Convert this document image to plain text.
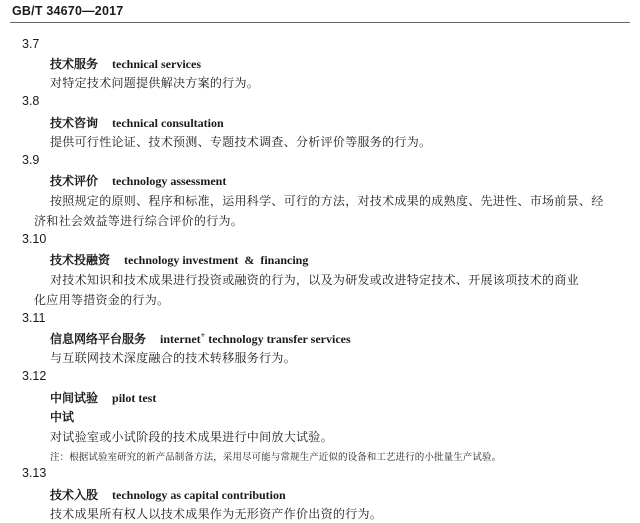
GB/T 34670—2017
3.7
技术服务 technical services
对特定技术问题提供解决方案的行为。
3.8
技术咨询 technical consultation
提供可行性论证、技术预测、专题技术调查、分析评价等服务的行为。
3.9
技术评价 technology assessment
按照规定的原则、程序和标准，运用科学、可行的方法，对技术成果的成熟度、先进性、市场前景、经
济和社会效益等进行综合评价的行为。
3.10
技术投融资 technology investment  &  financing
对技术知识和技术成果进行投资或融资的行为，以及为研发或改进特定技术、开展该项技术的商业
化应用等措资金的行为。
3.11
信息网络平台服务 internet+ technology transfer services
与互联网技术深度融合的技术转移服务行为。
3.12
中间试验 pilot test
中试
对试验室或小试阶段的技术成果进行中间放大试验。
注：根据试验室研究的新产品制备方法，采用尽可能与常规生产近似的设备和工艺进行的小批量生产试验。
3.13
技术入股 technology as capital contribution
技术成果所有权人以技术成果作为无形资产作价出资的行为。
